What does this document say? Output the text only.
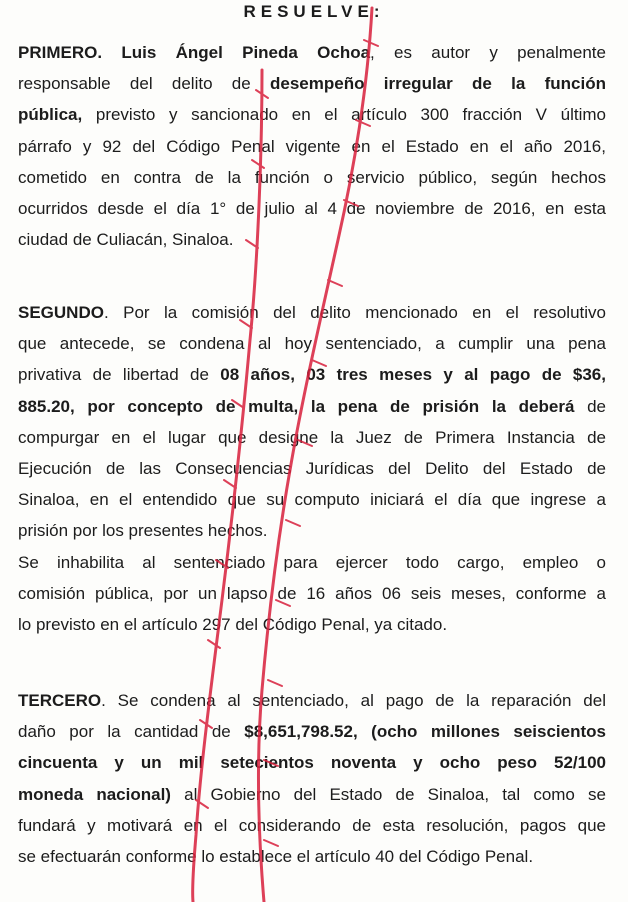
RESUELVE:
PRIMERO. Luis Ángel Pineda Ochoa, es autor y penalmente
responsable del delito de desempeño irregular de la función
pública, previsto y sancionado en el artículo 300 fracción V último
párrafo y 92 del Código Penal vigente en el Estado en el año 2016,
cometido en contra de la función o servicio público, según hechos
ocurridos desde el día 1° de julio al 4 de noviembre de 2016, en esta
ciudad de Culiacán, Sinaloa.
SEGUNDO. Por la comisión del delito mencionado en el resolutivo
que antecede, se condena al hoy sentenciado, a cumplir una pena
privativa de libertad de 08 años, 03 tres meses y al pago de $36,
885.20, por concepto de multa, la pena de prisión la deberá de
compurgar en el lugar que designe la Juez de Primera Instancia de
Ejecución de las Consecuencias Jurídicas del Delito del Estado de
Sinaloa, en el entendido que su computo iniciará el día que ingrese a
prisión por los presentes hechos.
Se inhabilita al sentenciado para ejercer todo cargo, empleo o
comisión pública, por un lapso de 16 años 06 seis meses, conforme a
lo previsto en el artículo 297 del Código Penal, ya citado.
TERCERO. Se condena al sentenciado, al pago de la reparación del
daño por la cantidad de $8,651,798.52, (ocho millones seiscientos
cincuenta y un mil setecientos noventa y ocho peso 52/100
moneda nacional) al Gobierno del Estado de Sinaloa, tal como se
fundará y motivará en el considerando de esta resolución, pagos que
se efectuarán conforme lo establece el artículo 40 del Código Penal.
